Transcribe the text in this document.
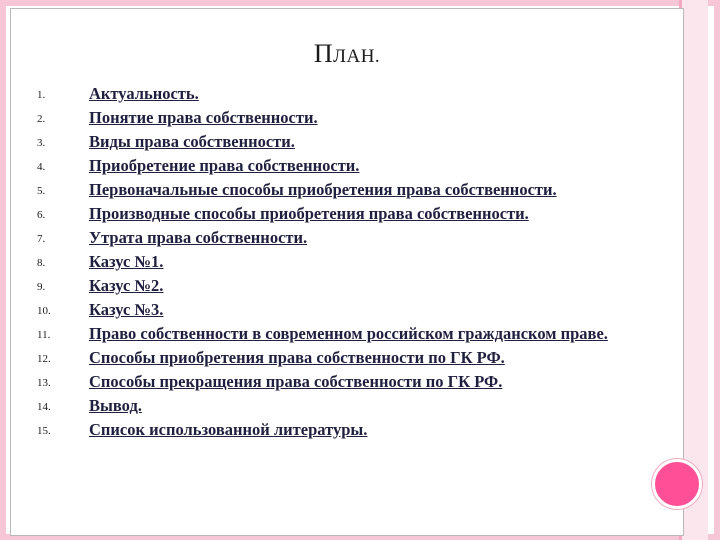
ПЛАН.
1.	Актуальность.
2.	Понятие права собственности.
3.	Виды права собственности.
4.	Приобретение права собственности.
5.	Первоначальные способы приобретения права собственности.
6.	Производные способы приобретения права собственности.
7.	Утрата права собственности.
8.	Казус №1.
9.	Казус №2.
10.	Казус №3.
11.	Право собственности в современном российском гражданском праве.
12.	Способы приобретения права собственности по ГК РФ.
13.	Способы прекращения права собственности по ГК РФ.
14.	Вывод.
15.	Список использованной литературы.
